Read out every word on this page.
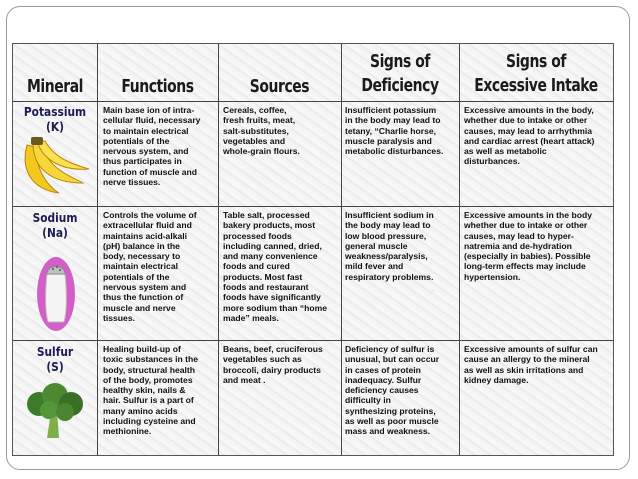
Mineral	Functions	Sources
Signs of
Deficiency
Signs of
Excessive Intake
Potassium
(K)
Main base ion of intra-
cellular fluid, necessary
to maintain electrical
potentials of the
nervous system, and
thus participates in
function of muscle and
nerve tissues.
Cereals, coffee,
fresh fruits, meat,
salt-substitutes,
vegetables and
whole-grain flours.
Insufficient potassium
in the body may lead to
tetany, “Charlie horse,
muscle paralysis and
metabolic disturbances.
Excessive amounts in the body,
whether due to intake or other
causes, may lead to arrhythmia
and cardiac arrest (heart attack)
as well as metabolic
disturbances.
Sodium
(Na)
Controls the volume of
extracellular fluid and
maintains acid-alkali
(pH) balance in the
body, necessary to
maintain electrical
potentials of the
nervous system and
thus the function of
muscle and nerve
tissues.
Table salt, processed
bakery products, most
processed foods
including canned, dried,
and many convenience
foods and cured
products. Most fast
foods and restaurant
foods have significantly
more sodium than “home
made” meals.
Insufficient sodium in
the body may lead to
low blood pressure,
general muscle
weakness/paralysis,
mild fever and
respiratory problems.
Excessive amounts in the body
whether due to intake or other
causes, may lead to hyper-
natremia and de-hydration
(especially in babies). Possible
long-term effects may include
hypertension.
Sulfur
(S)
Healing build-up of
toxic substances in the
body, structural health
of the body, promotes
healthy skin, nails &
hair. Sulfur is a part of
many amino acids
including cysteine and
methionine.
Beans, beef, cruciferous
vegetables such as
broccoli, dairy products
and meat .
Deficiency of sulfur is
unusual, but can occur
in cases of protein
inadequacy. Sulfur
deficiency causes
difficulty in
synthesizing proteins,
as well as poor muscle
mass and weakness.
Excessive amounts of sulfur can
cause an allergy to the mineral
as well as skin irritations and
kidney damage.
